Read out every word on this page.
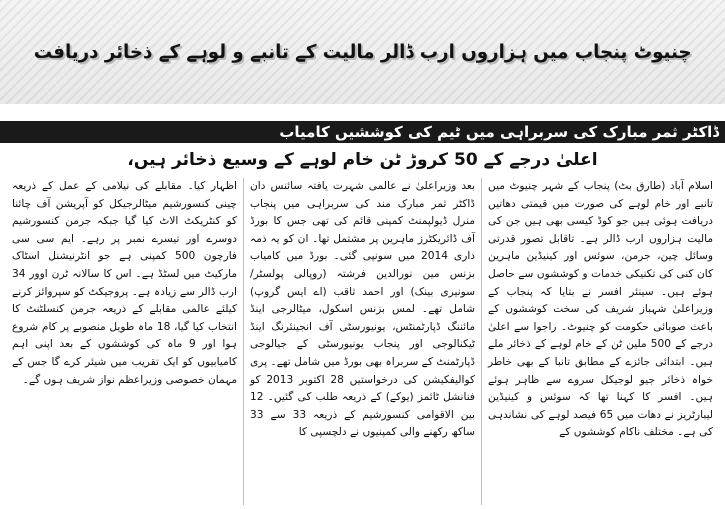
چنیوٹ پنجاب میں ہزاروں ارب ڈالر مالیت کے تانبے و لوہے کے ذخائر دریافت
ڈاکٹر ثمر مبارک کی سربراہی میں ٹیم کی کوششیں کامیاب
اعلیٰ درجے کے 50 کروڑ ٹن خام لوہے کے وسیع ذخائر ہیں،
اسلام آباد (طارق بٹ) پنجاب کے شہر چنیوٹ میں تانبے اور خام لوہے کی صورت میں قیمتی دھاتیں دریافت ہوئی ہیں جو کوڈ کیسی بھی ہیں جن کی مالیت ہزاروں ارب ڈالر ہے۔ تاقابل تصور قدرتی وسائل چین، جرمن، سوئس اور کینیڈین ماہرین کان کنی کی تکنیکی خدمات و کوششوں سے حاصل ہوئے ہیں۔ سینئر افسر نے بتایا کہ پنجاب کے وزیراعلیٰ شہباز شریف کی سخت کوششوں کے باعث صوبائی حکومت کو چنیوٹ۔ راجوا سے اعلیٰ درجے کے 500 ملین ٹن کے خام لوہے کے ذخائر ملے ہیں۔ ابتدائی جائزے کے مطابق تانبا کے بھی خاطر خواہ ذخائر جیو لوجیکل سروے سے ظاہر ہوئے ہیں۔ افسر کا کہنا تھا کہ سوئس و کینیڈین لیبارٹریز نے دھات میں 65 فیصد لوہے کی نشاندہی کی ہے۔ مختلف ناکام کوششوں کے
بعد وزیراعلیٰ نے عالمی شہرت یافتہ سائنس دان ڈاکٹر ثمر مبارک مند کی سربراہی میں پنجاب منرل ڈیولپمنٹ کمپنی قائم کی تھی جس کا بورڈ آف ڈائریکٹرز ماہرین پر مشتمل تھا۔ ان کو یہ ذمہ داری 2014 میں سونپی گئی۔ بورڈ میں کامیاب بزنس مین نورالدین فرشتہ (روپالی پولسٹر/سونیری بینک) اور احمد ثاقب (اے ایس گروپ) شامل تھے۔ لمس بزنس اسکول، میٹالرجی اینڈ مائننگ ڈپارٹمنٹس، یونیورسٹی آف انجینئرنگ اینڈ ٹیکنالوجی اور پنجاب یونیورسٹی کے جیالوجی ڈپارٹمنٹ کے سربراہ بھی بورڈ میں شامل تھے۔ پری کوالیفکیشن کی درخواستیں 28 اکتوبر 2013 کو فنانشل ٹائمز (یوکے) کے ذریعہ طلب کی گئیں۔ 12 بین الاقوامی کنسورشیم کے ذریعہ 33 سے 33 ساکھ رکھنے والی کمپنیوں نے دلچسپی کا
اظہار کیا۔ مقابلے کی نیلامی کے عمل کے ذریعہ چینی کنسورشیم میٹالرجیکل کو آپریشن آف چائنا کو کنٹریکٹ الاٹ کیا گیا جبکہ جرمن کنسورشیم دوسرے اور تیسرے نمبر پر رہے۔ ایم سی سی فارچون 500 کمپنی ہے جو انٹرنیشنل اسٹاک مارکیٹ میں لسٹڈ ہے۔ اس کا سالانہ ٹرن اوور 34 ارب ڈالر سے زیادہ ہے۔ پروجیکٹ کو سپروائز کرنے کیلئے عالمی مقابلے کے ذریعہ جرمن کنسلٹنٹ کا انتخاب کیا گیا، 18 ماہ طویل منصوبے پر کام شروع ہوا اور 9 ماہ کی کوششوں کے بعد اپنی اہم کامیابیوں کو ایک تقریب میں شیئر کرے گا جس کے مہمان خصوصی وزیراعظم نواز شریف ہوں گے۔
